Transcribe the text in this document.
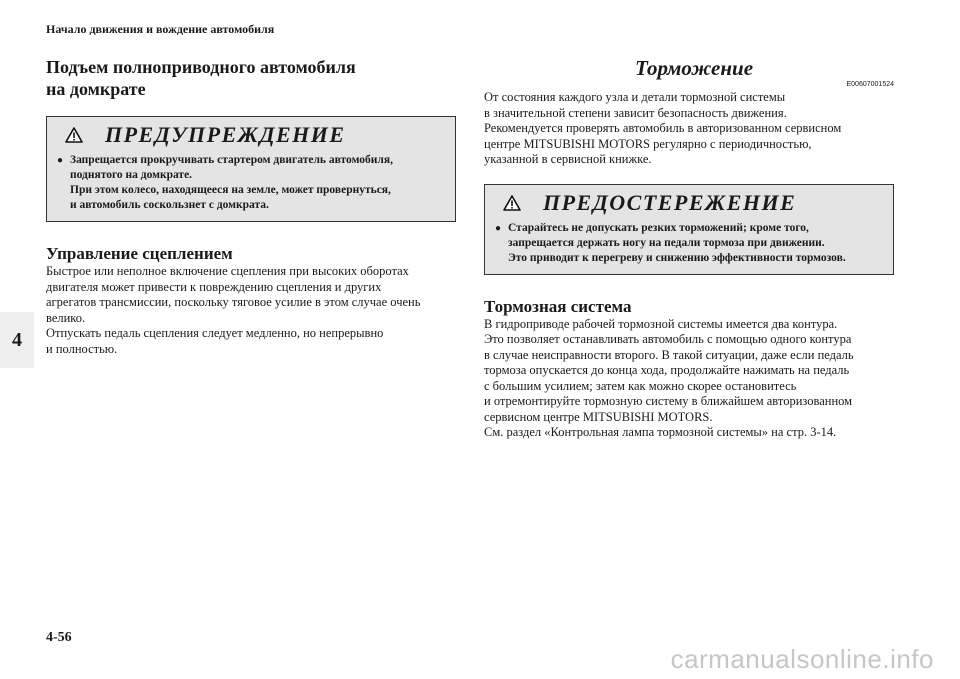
Начало движения и вождение автомобиля
4
Подъем полноприводного автомобиля
на домкрате
ПРЕДУПРЕЖДЕНИЕ
● Запрещается прокручивать стартером двигатель автомобиля,
поднятого на домкрате.
При этом колесо, находящееся на земле, может провернуться,
и автомобиль соскользнет с домкрата.
Управление сцеплением
Быстрое или неполное включение сцепления при высоких оборотах
двигателя может привести к повреждению сцепления и других
агрегатов трансмиссии, поскольку тяговое усилие в этом случае очень
велико.
Отпускать педаль сцепления следует медленно, но непрерывно
и полностью.
Торможение
E00607001524
От состояния каждого узла и детали тормозной системы
в значительной степени зависит безопасность движения.
Рекомендуется проверять автомобиль в авторизованном сервисном
центре MITSUBISHI MOTORS регулярно с периодичностью,
указанной в сервисной книжке.
ПРЕДОСТЕРЕЖЕНИЕ
● Старайтесь не допускать резких торможений; кроме того,
запрещается держать ногу на педали тормоза при движении.
Это приводит к перегреву и снижению эффективности тормозов.
Тормозная система
В гидроприводе рабочей тормозной системы имеется два контура.
Это позволяет останавливать автомобиль с помощью одного контура
в случае неисправности второго. В такой ситуации, даже если педаль
тормоза опускается до конца хода, продолжайте нажимать на педаль
с большим усилием; затем как можно скорее остановитесь
и отремонтируйте тормозную систему в ближайшем авторизованном
сервисном центре MITSUBISHI MOTORS.
См. раздел «Контрольная лампа тормозной системы» на стр. 3-14.
4-56
carmanualsonline.info
